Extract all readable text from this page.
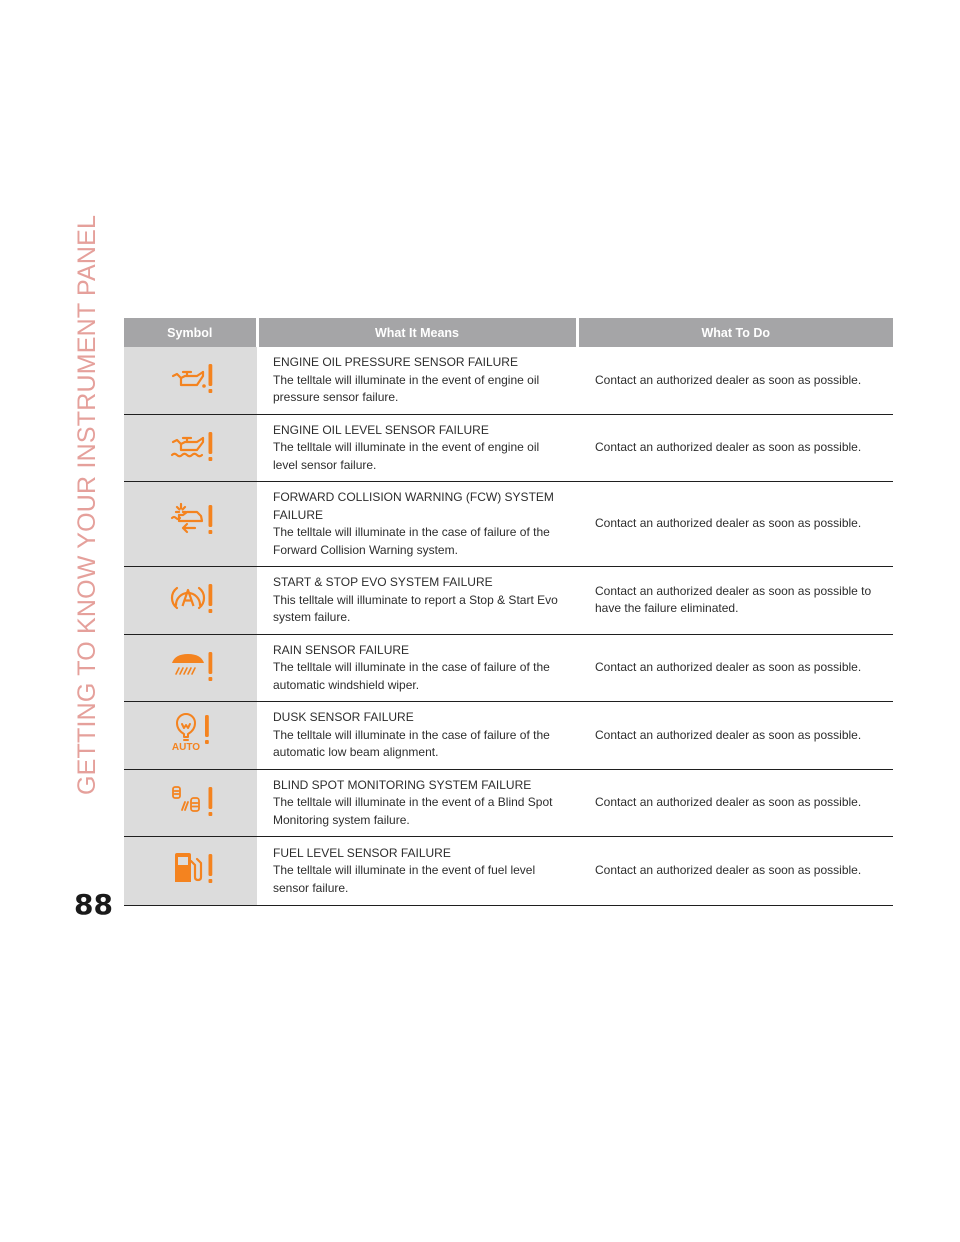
GETTING TO KNOW YOUR INSTRUMENT PANEL	Symbol	What It Means	What To Do

ENGINE OIL PRESSURE SENSOR FAILURE
The telltale will illuminate in the event of engine oil pressure sensor failure.	Contact an authorized dealer as soon as possible.

ENGINE OIL LEVEL SENSOR FAILURE
The telltale will illuminate in the event of engine oil level sensor failure.	Contact an authorized dealer as soon as possible.

FORWARD COLLISION WARNING (FCW) SYSTEM FAILURE
The telltale will illuminate in the case of failure of the Forward Collision Warning system.	Contact an authorized dealer as soon as possible.

START & STOP EVO SYSTEM FAILURE
This telltale will illuminate to report a Stop & Start Evo system failure.	Contact an authorized dealer as soon as possible to have the failure eliminated.

RAIN SENSOR FAILURE
The telltale will illuminate in the case of failure of the automatic windshield wiper.	Contact an authorized dealer as soon as possible.

AUTO	DUSK SENSOR FAILURE
The telltale will illuminate in the case of failure of the automatic low beam alignment.	Contact an authorized dealer as soon as possible.

BLIND SPOT MONITORING SYSTEM FAILURE
The telltale will illuminate in the event of a Blind Spot Monitoring system failure.	Contact an authorized dealer as soon as possible.

FUEL LEVEL SENSOR FAILURE
The telltale will illuminate in the event of fuel level sensor failure.	Contact an authorized dealer as soon as possible.
88
